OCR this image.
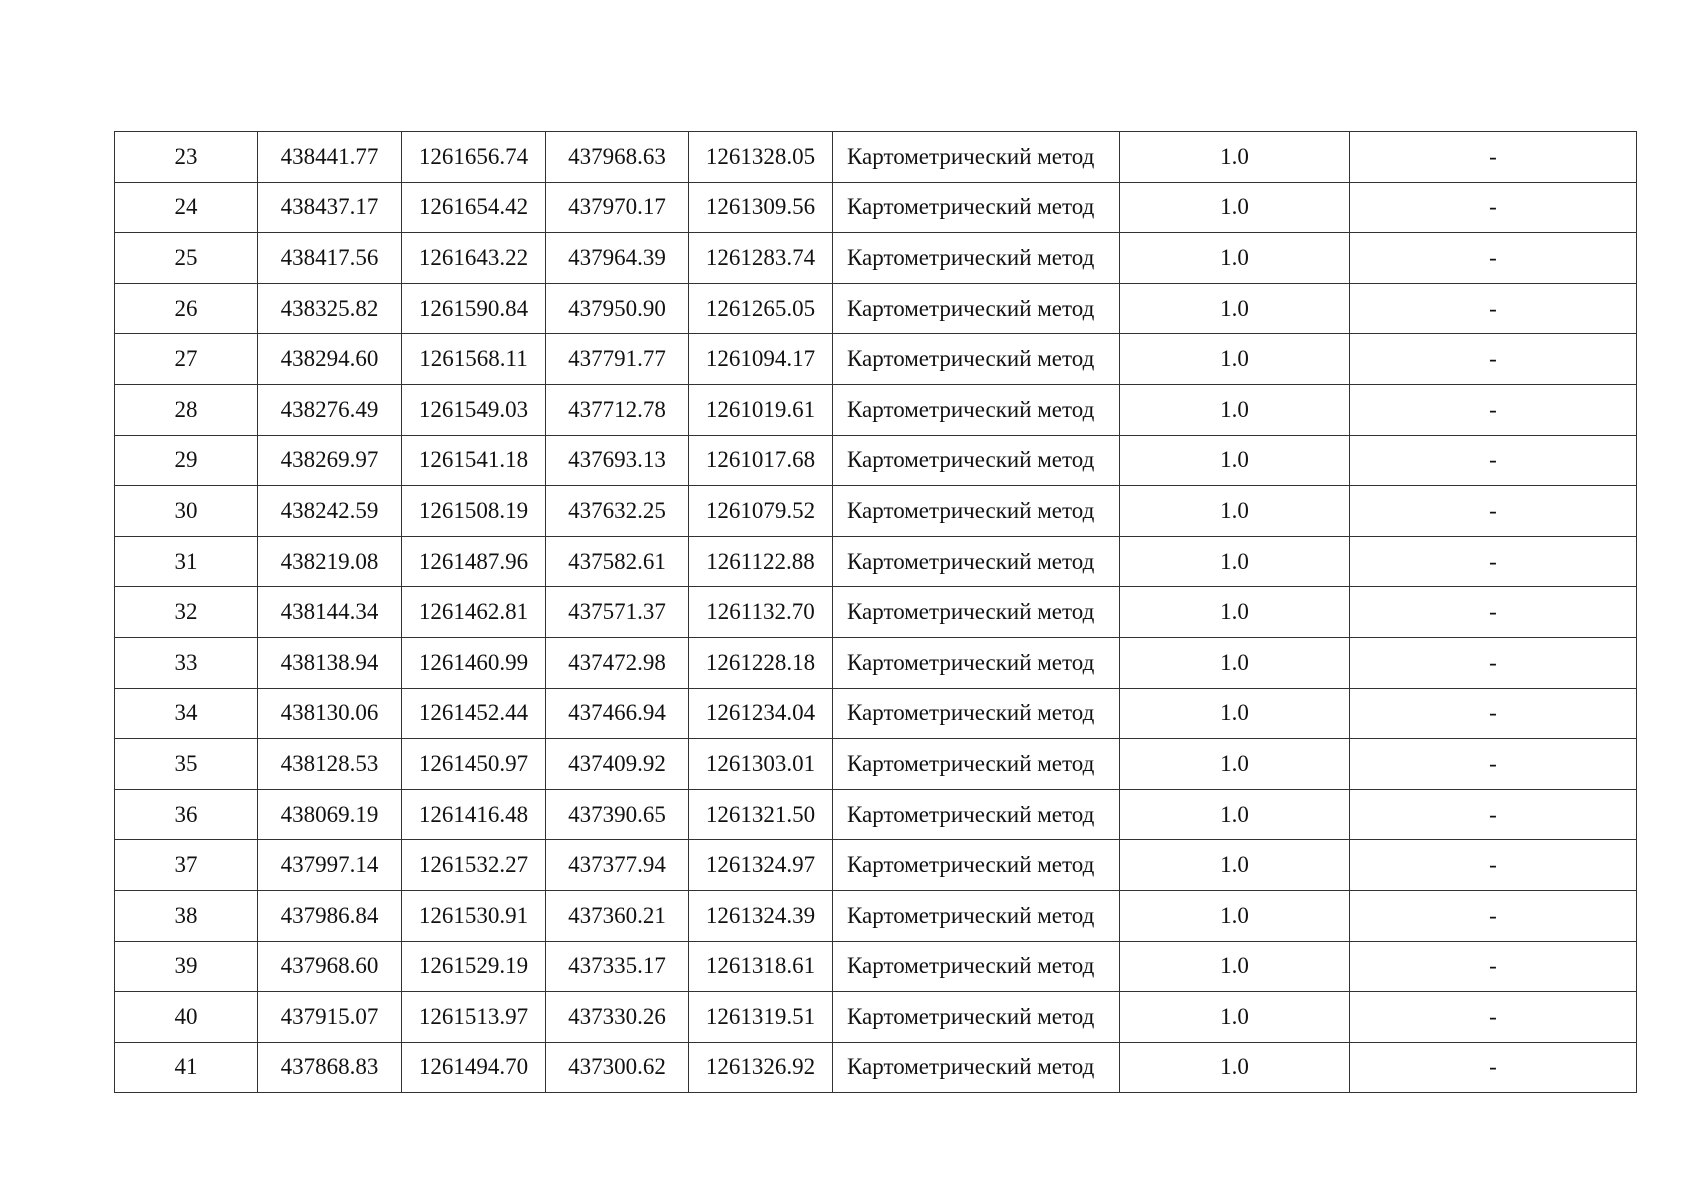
23	438441.77	1261656.74	437968.63	1261328.05	Картометрический метод	1.0	-
24	438437.17	1261654.42	437970.17	1261309.56	Картометрический метод	1.0	-
25	438417.56	1261643.22	437964.39	1261283.74	Картометрический метод	1.0	-
26	438325.82	1261590.84	437950.90	1261265.05	Картометрический метод	1.0	-
27	438294.60	1261568.11	437791.77	1261094.17	Картометрический метод	1.0	-
28	438276.49	1261549.03	437712.78	1261019.61	Картометрический метод	1.0	-
29	438269.97	1261541.18	437693.13	1261017.68	Картометрический метод	1.0	-
30	438242.59	1261508.19	437632.25	1261079.52	Картометрический метод	1.0	-
31	438219.08	1261487.96	437582.61	1261122.88	Картометрический метод	1.0	-
32	438144.34	1261462.81	437571.37	1261132.70	Картометрический метод	1.0	-
33	438138.94	1261460.99	437472.98	1261228.18	Картометрический метод	1.0	-
34	438130.06	1261452.44	437466.94	1261234.04	Картометрический метод	1.0	-
35	438128.53	1261450.97	437409.92	1261303.01	Картометрический метод	1.0	-
36	438069.19	1261416.48	437390.65	1261321.50	Картометрический метод	1.0	-
37	437997.14	1261532.27	437377.94	1261324.97	Картометрический метод	1.0	-
38	437986.84	1261530.91	437360.21	1261324.39	Картометрический метод	1.0	-
39	437968.60	1261529.19	437335.17	1261318.61	Картометрический метод	1.0	-
40	437915.07	1261513.97	437330.26	1261319.51	Картометрический метод	1.0	-
41	437868.83	1261494.70	437300.62	1261326.92	Картометрический метод	1.0	-
